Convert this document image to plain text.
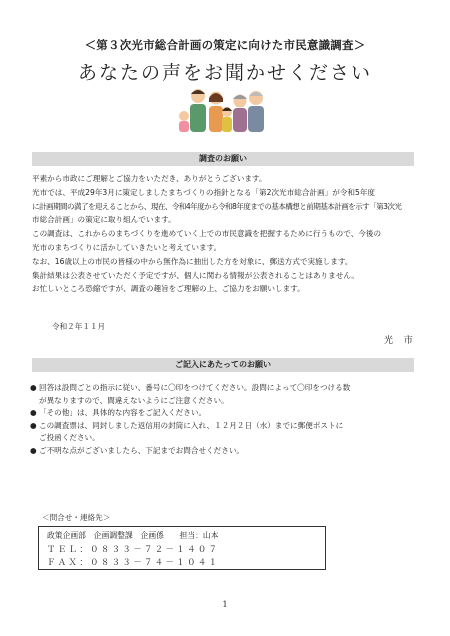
＜第３次光市総合計画の策定に向けた市民意識調査＞
あなたの声をお聞かせください
調査のお願い
平素から市政にご理解とご協力をいただき、ありがとうございます。
光市では、平成29年3月に策定しましたまちづくりの指針となる「第2次光市総合計画」が令和5年度
に計画期間の満了を迎えることから、現在、令和4年度から令和8年度までの基本構想と前期基本計画を示す「第3次光
市総合計画」の策定に取り組んでいます。
この調査は、これからのまちづくりを進めていく上での市民意識を把握するために行うもので、今後の
光市のまちづくりに活かしていきたいと考えています。
なお、16歳以上の市民の皆様の中から無作為に抽出した方を対象に、郵送方式で実施します。
集計結果は公表させていただく予定ですが、個人に関わる情報が公表されることはありません。
お忙しいところ恐縮ですが、調査の趣旨をご理解の上、ご協力をお願いします。
令和２年１１月
光 市
ご記入にあたってのお願い
● 回答は設問ごとの指示に従い、番号に〇印をつけてください。設問によって〇印をつける数
が異なりますので、間違えないようにご注意ください。
● 「その他」は、具体的な内容をご記入ください。
● この調査票は、同封しました返信用の封筒に入れ、１２月２日（水）までに郵便ポストに
ご投函ください。
● ご不明な点がございましたら、下記までお問合せください。
＜問合せ・連絡先＞
政策企画部　企画調整課　企画係　　担当：山本
ＴＥＬ：０８３３－７２－１４０７
ＦＡＸ：０８３３－７４－１０４１
1
